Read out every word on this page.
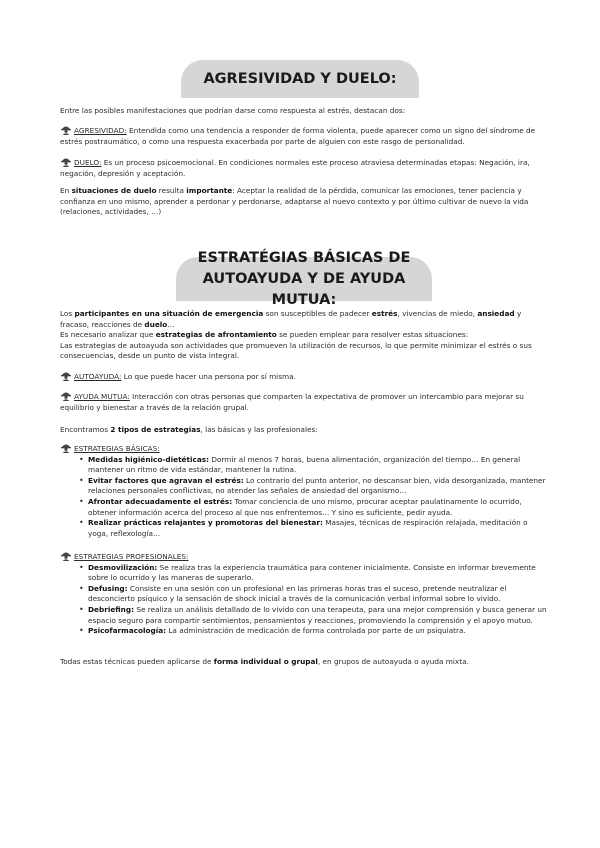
AGRESIVIDAD Y DUELO:
Entre las posibles manifestaciones que podrían darse como respuesta al estrés, destacan dos:
AGRESIVIDAD: Entendida como una tendencia a responder de forma violenta, puede aparecer como un signo del síndrome de estrés postraumático, o como una respuesta exacerbada por parte de alguien con este rasgo de personalidad.
DUELO: Es un proceso psicoemocional. En condiciones normales este proceso atraviesa determinadas etapas: Negación, ira, negación, depresión y aceptación.
En situaciones de duelo resulta importante: Aceptar la realidad de la pérdida, comunicar las emociones, tener paciencia y confianza en uno mismo, aprender a perdonar y perdonarse, adaptarse al nuevo contexto y por último cultivar de nuevo la vida (relaciones, actividades, …)
ESTRATÉGIAS BÁSICAS DE
AUTOAYUDA Y DE AYUDA MUTUA:
Los participantes en una situación de emergencia son susceptibles de padecer estrés, vivencias de miedo, ansiedad y fracaso, reacciones de duelo…
Es necesario analizar que estrategias de afrontamiento se pueden emplear para resolver estas situaciones:
Las estrategias de autoayuda son actividades que promueven la utilización de recursos, lo que permite minimizar el estrés o sus consecuencias, desde un punto de vista integral.
AUTOAYUDA: Lo que puede hacer una persona por sí misma.
AYUDA MUTUA: Interacción con otras personas que comparten la expectativa de promover un intercambio para mejorar su equilibrio y bienestar a través de la relación grupal.
Encontramos 2 tipos de estrategias, las básicas y las profesionales:
ESTRATEGIAS BÁSICAS:
• Medidas higiénico-dietéticas: Dormir al menos 7 horas, buena alimentación, organización del tiempo… En general mantener un ritmo de vida estándar, mantener la rutina.
• Evitar factores que agravan el estrés: Lo contrario del punto anterior, no descansar bien, vida desorganizada, mantener relaciones personales conflictivas, no atender las señales de ansiedad del organismo…
• Afrontar adecuadamente el estrés: Tomar conciencia de uno mismo, procurar aceptar paulatinamente lo ocurrido, obtener información acerca del proceso al que nos enfrentemos… Y sino es suficiente, pedir ayuda.
• Realizar prácticas relajantes y promotoras del bienestar: Masajes, técnicas de respiración relajada, meditación o yoga, reflexología…
ESTRATEGIAS PROFESIONALES:
• Desmovilización: Se realiza tras la experiencia traumática para contener inicialmente. Consiste en informar brevemente sobre lo ocurrido y las maneras de superarlo.
• Defusing: Consiste en una sesión con un profesional en las primeras horas tras el suceso, pretende neutralizar el desconcierto psíquico y la sensación de shock inicial a través de la comunicación verbal informal sobre lo vivido.
• Debriefing: Se realiza un análisis detallado de lo vivido con una terapeuta, para una mejor comprensión y busca generar un espacio seguro para compartir sentimientos, pensamientos y reacciones, promoviendo la comprensión y el apoyo mutuo.
• Psicofarmacología: La administración de medicación de forma controlada por parte de un psiquiatra.
Todas estas técnicas pueden aplicarse de forma individual o grupal, en grupos de autoayuda o ayuda mixta.
